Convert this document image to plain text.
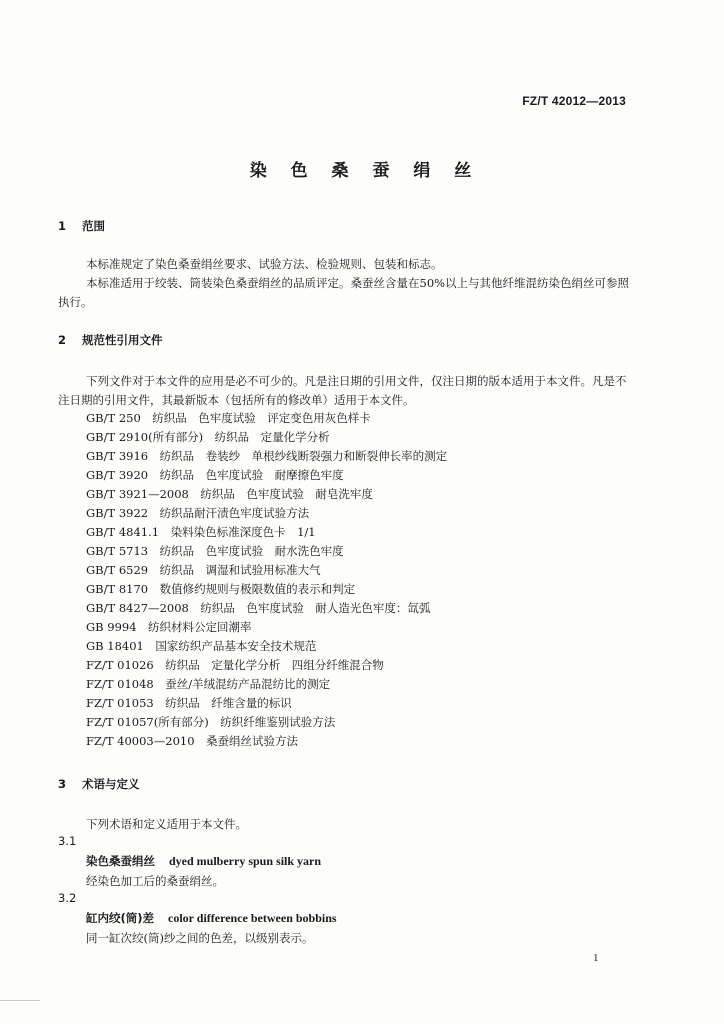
FZ/T 42012—2013
染 色 桑 蚕 绢 丝
1 范围
本标准规定了染色桑蚕绢丝要求、试验方法、检验规则、包装和标志。
本标准适用于绞装、筒装染色桑蚕绢丝的品质评定。桑蚕丝含量在50%以上与其他纤维混纺染色绢丝可参照执行。
2 规范性引用文件
下列文件对于本文件的应用是必不可少的。凡是注日期的引用文件，仅注日期的版本适用于本文件。凡是不注日期的引用文件，其最新版本（包括所有的修改单）适用于本文件。
GB/T 250　纺织品　色牢度试验　评定变色用灰色样卡
GB/T 2910(所有部分)　纺织品　定量化学分析
GB/T 3916　纺织品　卷装纱　单根纱线断裂强力和断裂伸长率的测定
GB/T 3920　纺织品　色牢度试验　耐摩擦色牢度
GB/T 3921—2008　纺织品　色牢度试验　耐皂洗牢度
GB/T 3922　纺织品耐汗渍色牢度试验方法
GB/T 4841.1　染料染色标准深度色卡　1/1
GB/T 5713　纺织品　色牢度试验　耐水洗色牢度
GB/T 6529　纺织品　调湿和试验用标准大气
GB/T 8170　数值修约规则与极限数值的表示和判定
GB/T 8427—2008　纺织品　色牢度试验　耐人造光色牢度：氙弧
GB 9994　纺织材料公定回潮率
GB 18401　国家纺织产品基本安全技术规范
FZ/T 01026　纺织品　定量化学分析　四组分纤维混合物
FZ/T 01048　蚕丝/羊绒混纺产品混纺比的测定
FZ/T 01053　纺织品　纤维含量的标识
FZ/T 01057(所有部分)　纺织纤维鉴别试验方法
FZ/T 40003—2010　桑蚕绢丝试验方法
3 术语与定义
下列术语和定义适用于本文件。
3.1
染色桑蚕绢丝 dyed mulberry spun silk yarn
经染色加工后的桑蚕绢丝。
3.2
缸内绞(筒)差 color difference between bobbins
同一缸次绞(筒)纱之间的色差，以级别表示。
1
